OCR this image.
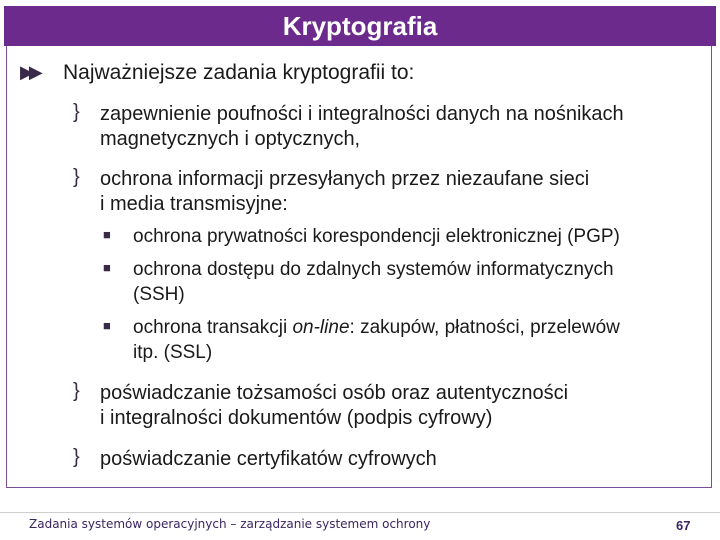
Kryptografia
▶▶ Najważniejsze zadania kryptografii to:
} zapewnienie poufności i integralności danych na nośnikach
magnetycznych i optycznych,
} ochrona informacji przesyłanych przez niezaufane sieci
i media transmisyjne:
■ ochrona prywatności korespondencji elektronicznej (PGP)
■ ochrona dostępu do zdalnych systemów informatycznych
(SSH)
■ ochrona transakcji on-line: zakupów, płatności, przelewów
itp. (SSL)
} poświadczanie tożsamości osób oraz autentyczności
i integralności dokumentów (podpis cyfrowy)
} poświadczanie certyfikatów cyfrowych
Zadania systemów operacyjnych – zarządzanie systemem ochrony	67
